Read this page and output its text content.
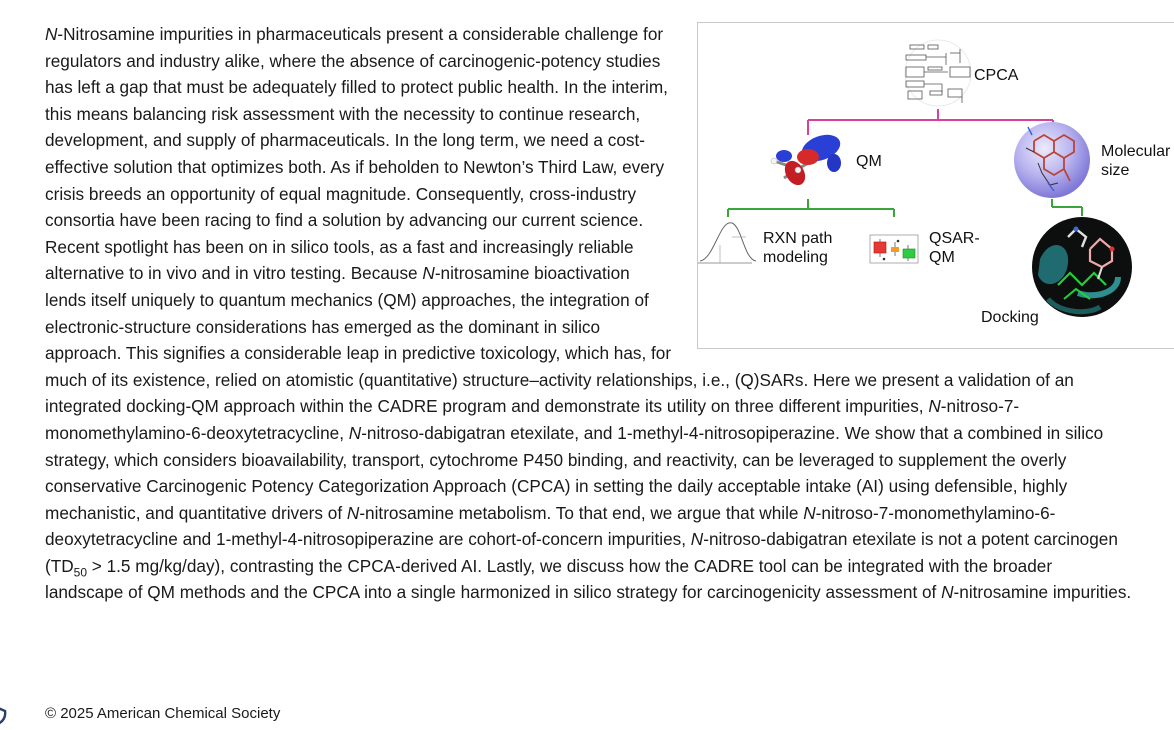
CPCA
QM
Docking
Molecular
size
RXN path
modeling
QSAR-
QM
N-Nitrosamine impurities in pharmaceuticals present a considerable challenge for regulators and industry alike, where the absence of carcinogenic-potency studies has left a gap that must be adequately filled to protect public health. In the interim, this means balancing risk assessment with the necessity to continue research, development, and supply of pharmaceuticals. In the long term, we need a cost-effective solution that optimizes both. As if beholden to Newton’s Third Law, every crisis breeds an opportunity of equal magnitude. Consequently, cross-industry consortia have been racing to find a solution by advancing our current science. Recent spotlight has been on in silico tools, as a fast and increasingly reliable alternative to in vivo and in vitro testing. Because N-nitrosamine bioactivation lends itself uniquely to quantum mechanics (QM) approaches, the integration of electronic-structure considerations has emerged as the dominant in silico approach. This signifies a considerable leap in predictive toxicology, which has, for much of its existence, relied on atomistic (quantitative) structure–activity relationships, i.e., (Q)SARs. Here we present a validation of an integrated docking-QM approach within the CADRE program and demonstrate its utility on three different impurities, N-nitroso-7-monomethylamino-6-deoxytetracycline, N-nitroso-dabigatran etexilate, and 1-methyl-4-nitrosopiperazine. We show that a combined in silico strategy, which considers bioavailability, transport, cytochrome P450 binding, and reactivity, can be leveraged to supplement the overly conservative Carcinogenic Potency Categorization Approach (CPCA) in setting the daily acceptable intake (AI) using defensible, highly mechanistic, and quantitative drivers of N-nitrosamine metabolism. To that end, we argue that while N-nitroso-7-monomethylamino-6-deoxytetracycline and 1-methyl-4-nitrosopiperazine are cohort-of-concern impurities, N-nitroso-dabigatran etexilate is not a potent carcinogen ($TD_{50} > 1.5$ mg/kg/day), contrasting the CPCA-derived AI. Lastly, we discuss how the CADRE tool can be integrated with the broader landscape of QM methods and the CPCA into a single harmonized in silico strategy for carcinogenicity assessment of N-nitrosamine impurities.

© 2025 American Chemical Society
